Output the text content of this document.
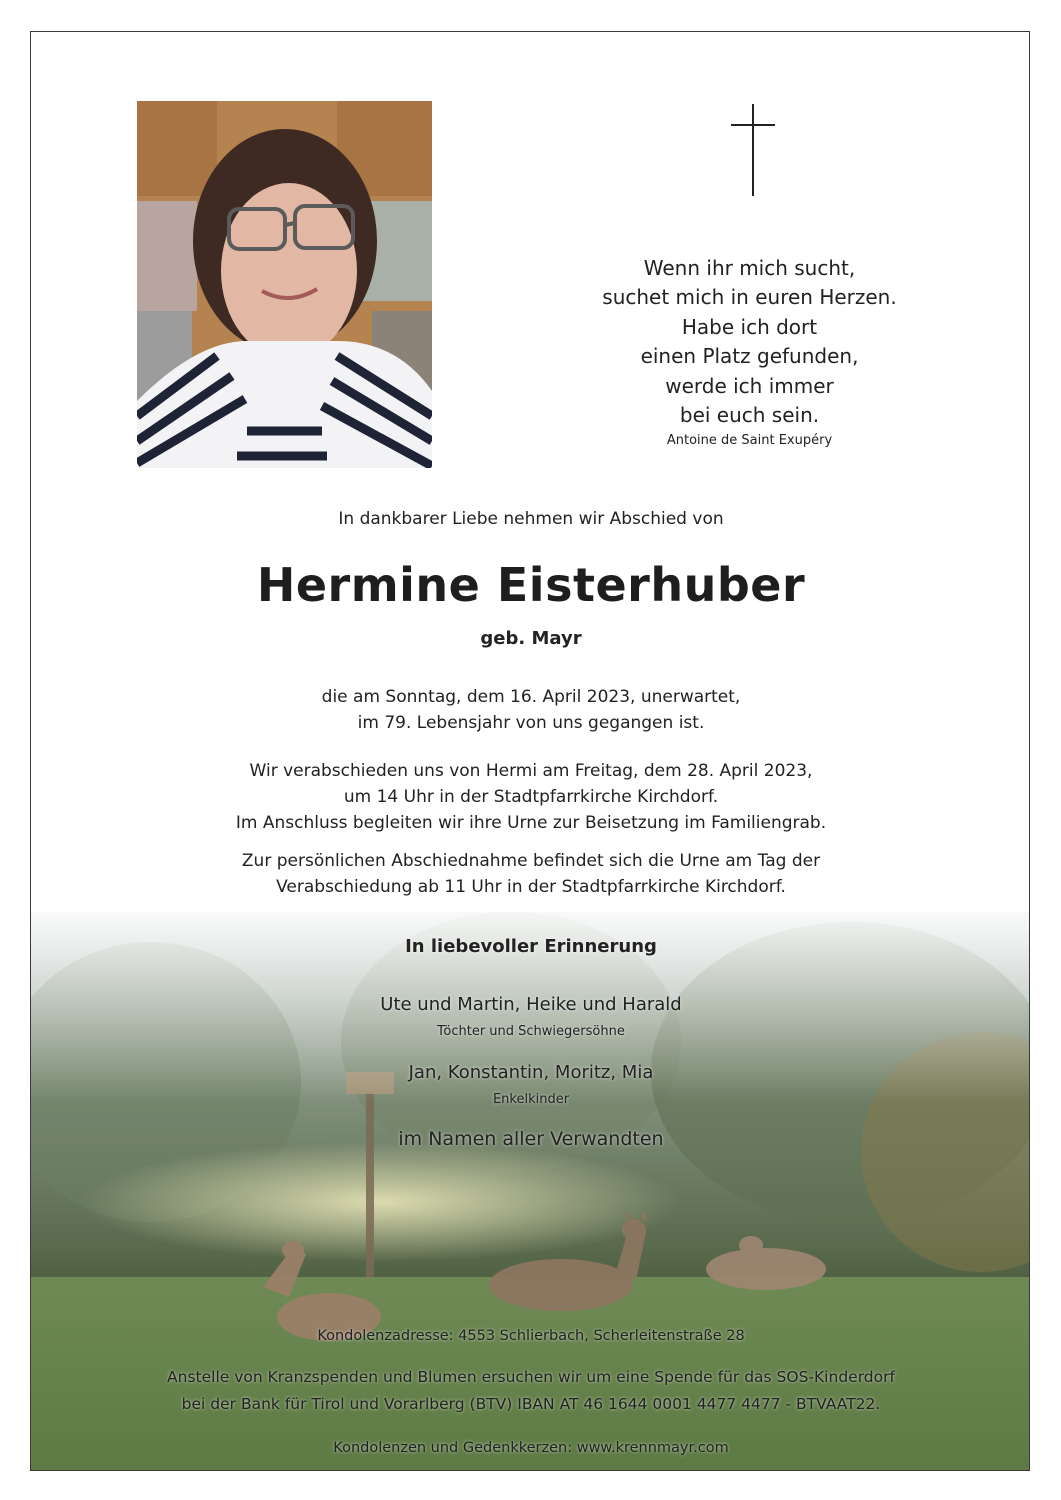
Wenn ihr mich sucht,
suchet mich in euren Herzen.
Habe ich dort
einen Platz gefunden,
werde ich immer
bei euch sein.
Antoine de Saint Exupéry
In dankbarer Liebe nehmen wir Abschied von
Hermine Eisterhuber
geb. Mayr
die am Sonntag, dem 16. April 2023, unerwartet,
im 79. Lebensjahr von uns gegangen ist.
Wir verabschieden uns von Hermi am Freitag, dem 28. April 2023,
um 14 Uhr in der Stadtpfarrkirche Kirchdorf.
Im Anschluss begleiten wir ihre Urne zur Beisetzung im Familiengrab.
Zur persönlichen Abschiednahme befindet sich die Urne am Tag der
Verabschiedung ab 11 Uhr in der Stadtpfarrkirche Kirchdorf.
In liebevoller Erinnerung
Ute und Martin, Heike und Harald
Töchter und Schwiegersöhne
Jan, Konstantin, Moritz, Mia
Enkelkinder
im Namen aller Verwandten
Kondolenzadresse: 4553 Schlierbach, Scherleitenstraße 28
Anstelle von Kranzspenden und Blumen ersuchen wir um eine Spende für das SOS-Kinderdorf
bei der Bank für Tirol und Vorarlberg (BTV) IBAN AT 46 1644 0001 4477 4477 - BTVAAT22.
Kondolenzen und Gedenkkerzen: www.krennmayr.com
